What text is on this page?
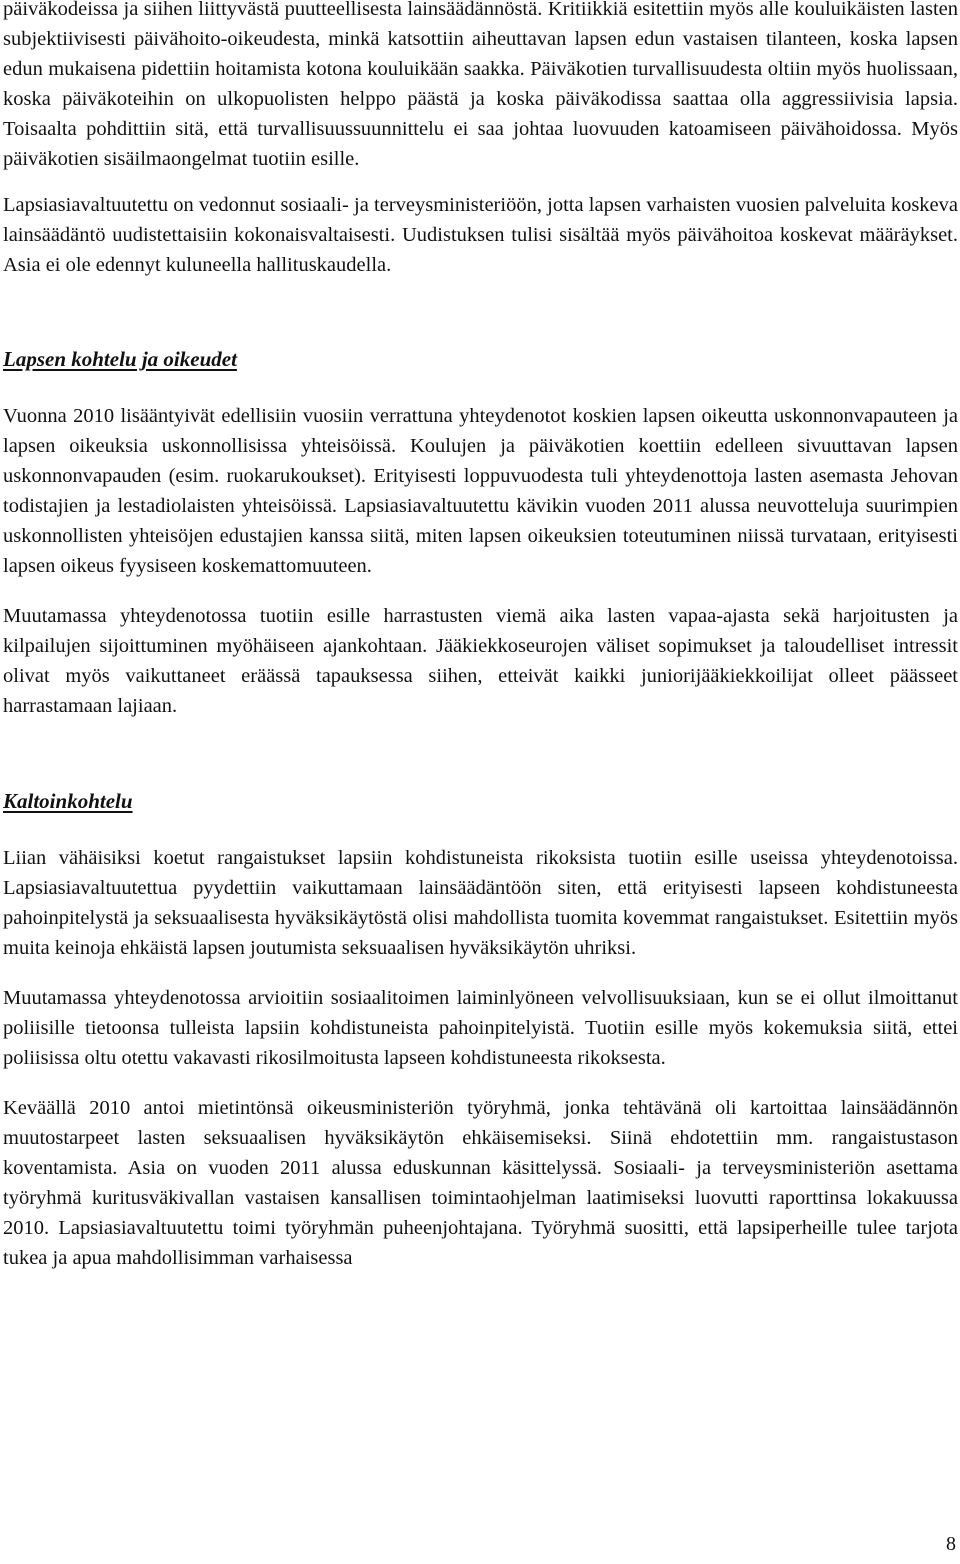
päiväkodeissa ja siihen liittyvästä puutteellisesta lainsäädännöstä. Kritiikkiä esitettiin myös alle kouluikäisten lasten subjektiivisesti päivähoito-oikeudesta, minkä katsottiin aiheuttavan lapsen edun vastaisen tilanteen, koska lapsen edun mukaisena pidettiin hoitamista kotona kouluikään saakka. Päiväkotien turvallisuudesta oltiin myös huolissaan, koska päiväkoteihin on ulkopuolisten helppo päästä ja koska päiväkodissa saattaa olla aggressiivisia lapsia. Toisaalta pohdittiin sitä, että turvallisuussuunnittelu ei saa johtaa luovuuden katoamiseen päivähoidossa. Myös päiväkotien sisäilmaongelmat tuotiin esille.

Lapsiasiavaltuutettu on vedonnut sosiaali- ja terveysministeriöön, jotta lapsen varhaisten vuosien palveluita koskeva lainsäädäntö uudistettaisiin kokonaisvaltaisesti. Uudistuksen tulisi sisältää myös päivähoitoa koskevat määräykset. Asia ei ole edennyt kuluneella hallituskaudella.

Lapsen kohtelu ja oikeudet

Vuonna 2010 lisääntyivät edellisiin vuosiin verrattuna yhteydenotot koskien lapsen oikeutta uskonnonvapauteen ja lapsen oikeuksia uskonnollisissa yhteisöissä. Koulujen ja päiväkotien koettiin edelleen sivuuttavan lapsen uskonnonvapauden (esim. ruokarukoukset). Erityisesti loppuvuodesta tuli yhteydenottoja lasten asemasta Jehovan todistajien ja lestadiolaisten yhteisöissä. Lapsiasiavaltuutettu kävikin vuoden 2011 alussa neuvotteluja suurimpien uskonnollisten yhteisöjen edustajien kanssa siitä, miten lapsen oikeuksien toteutuminen niissä turvataan, erityisesti lapsen oikeus fyysiseen koskemattomuuteen.

Muutamassa yhteydenotossa tuotiin esille harrastusten viemä aika lasten vapaa-ajasta sekä harjoitusten ja kilpailujen sijoittuminen myöhäiseen ajankohtaan. Jääkiekkoseurojen väliset sopimukset ja taloudelliset intressit olivat myös vaikuttaneet eräässä tapauksessa siihen, etteivät kaikki juniorijääkiekkoilijat olleet päässeet harrastamaan lajiaan.

Kaltoinkohtelu

Liian vähäisiksi koetut rangaistukset lapsiin kohdistuneista rikoksista tuotiin esille useissa yhteydenotoissa. Lapsiasiavaltuutettua pyydettiin vaikuttamaan lainsäädäntöön siten, että erityisesti lapseen kohdistuneesta pahoinpitelystä ja seksuaalisesta hyväksikäytöstä olisi mahdollista tuomita kovemmat rangaistukset. Esitettiin myös muita keinoja ehkäistä lapsen joutumista seksuaalisen hyväksikäytön uhriksi.

Muutamassa yhteydenotossa arvioitiin sosiaalitoimen laiminlyöneen velvollisuuksiaan, kun se ei ollut ilmoittanut poliisille tietoonsa tulleista lapsiin kohdistuneista pahoinpitelyistä. Tuotiin esille myös kokemuksia siitä, ettei poliisissa oltu otettu vakavasti rikosilmoitusta lapseen kohdistuneesta rikoksesta.

Keväällä 2010 antoi mietintönsä oikeusministeriön työryhmä, jonka tehtävänä oli kartoittaa lainsäädännön muutostarpeet lasten seksuaalisen hyväksikäytön ehkäisemiseksi. Siinä ehdotettiin mm. rangaistustason koventamista. Asia on vuoden 2011 alussa eduskunnan käsittelyssä. Sosiaali- ja terveysministeriön asettama työryhmä kuritusväkivallan vastaisen kansallisen toimintaohjelman laatimiseksi luovutti raporttinsa lokakuussa 2010. Lapsiasiavaltuutettu toimi työryhmän puheenjohtajana. Työryhmä suositti, että lapsiperheille tulee tarjota tukea ja apua mahdollisimman varhaisessa

8
